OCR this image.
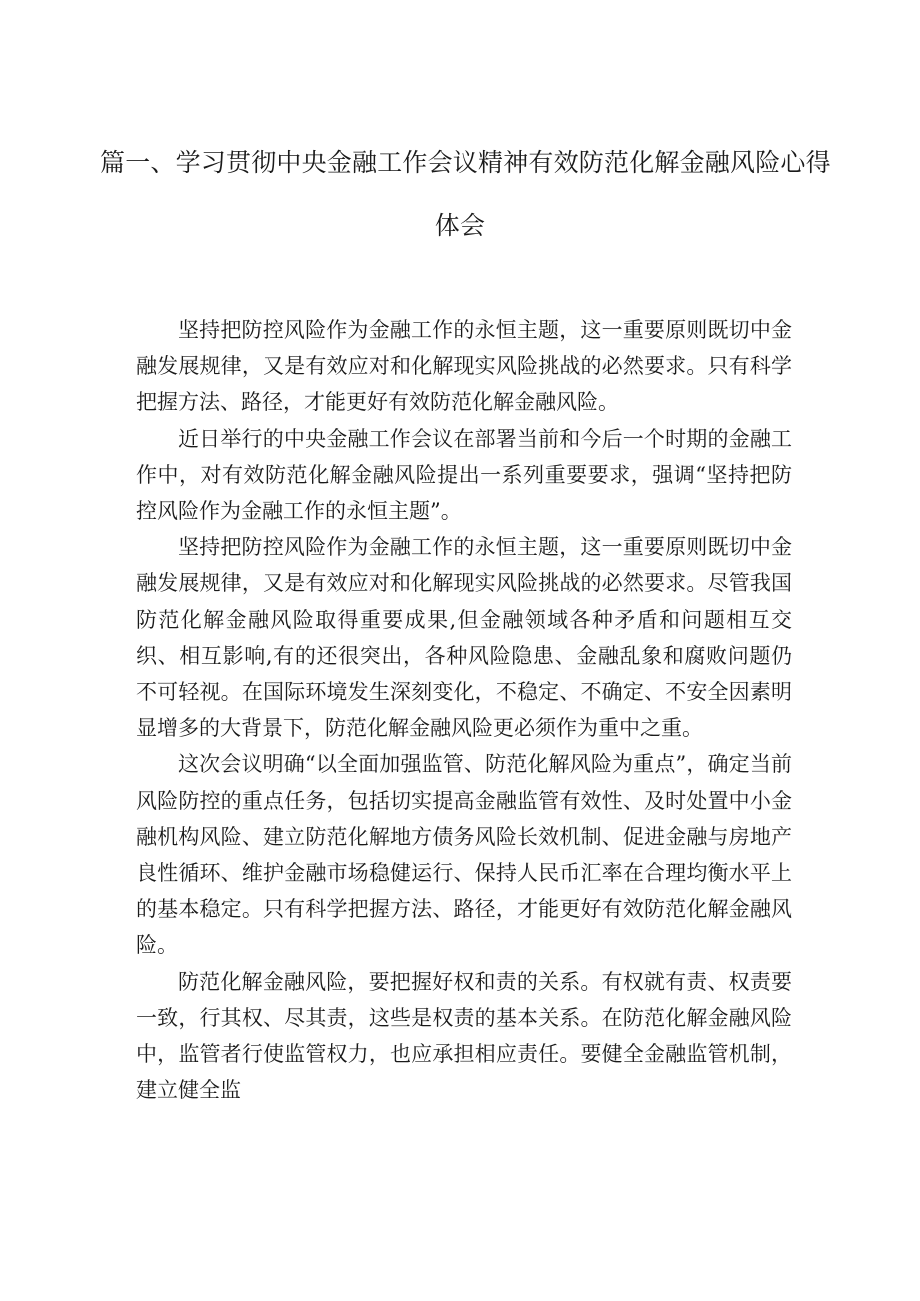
篇一、学习贯彻中央金融工作会议精神有效防范化解金融风险心得
体会

坚持把防控风险作为金融工作的永恒主题，这一重要原则既切中金融发展规律，又是有效应对和化解现实风险挑战的必然要求。只有科学把握方法、路径，才能更好有效防范化解金融风险。

近日举行的中央金融工作会议在部署当前和今后一个时期的金融工作中，对有效防范化解金融风险提出一系列重要要求，强调“坚持把防控风险作为金融工作的永恒主题”。

坚持把防控风险作为金融工作的永恒主题，这一重要原则既切中金融发展规律，又是有效应对和化解现实风险挑战的必然要求。尽管我国防范化解金融风险取得重要成果,但金融领域各种矛盾和问题相互交织、相互影响,有的还很突出，各种风险隐患、金融乱象和腐败问题仍不可轻视。在国际环境发生深刻变化，不稳定、不确定、不安全因素明显增多的大背景下，防范化解金融风险更必须作为重中之重。

这次会议明确“以全面加强监管、防范化解风险为重点”，确定当前风险防控的重点任务，包括切实提高金融监管有效性、及时处置中小金融机构风险、建立防范化解地方债务风险长效机制、促进金融与房地产良性循环、维护金融市场稳健运行、保持人民币汇率在合理均衡水平上的基本稳定。只有科学把握方法、路径，才能更好有效防范化解金融风险。

防范化解金融风险，要把握好权和责的关系。有权就有责、权责要一致，行其权、尽其责，这些是权责的基本关系。在防范化解金融风险中，监管者行使监管权力，也应承担相应责任。要健全金融监管机制，建立健全监
